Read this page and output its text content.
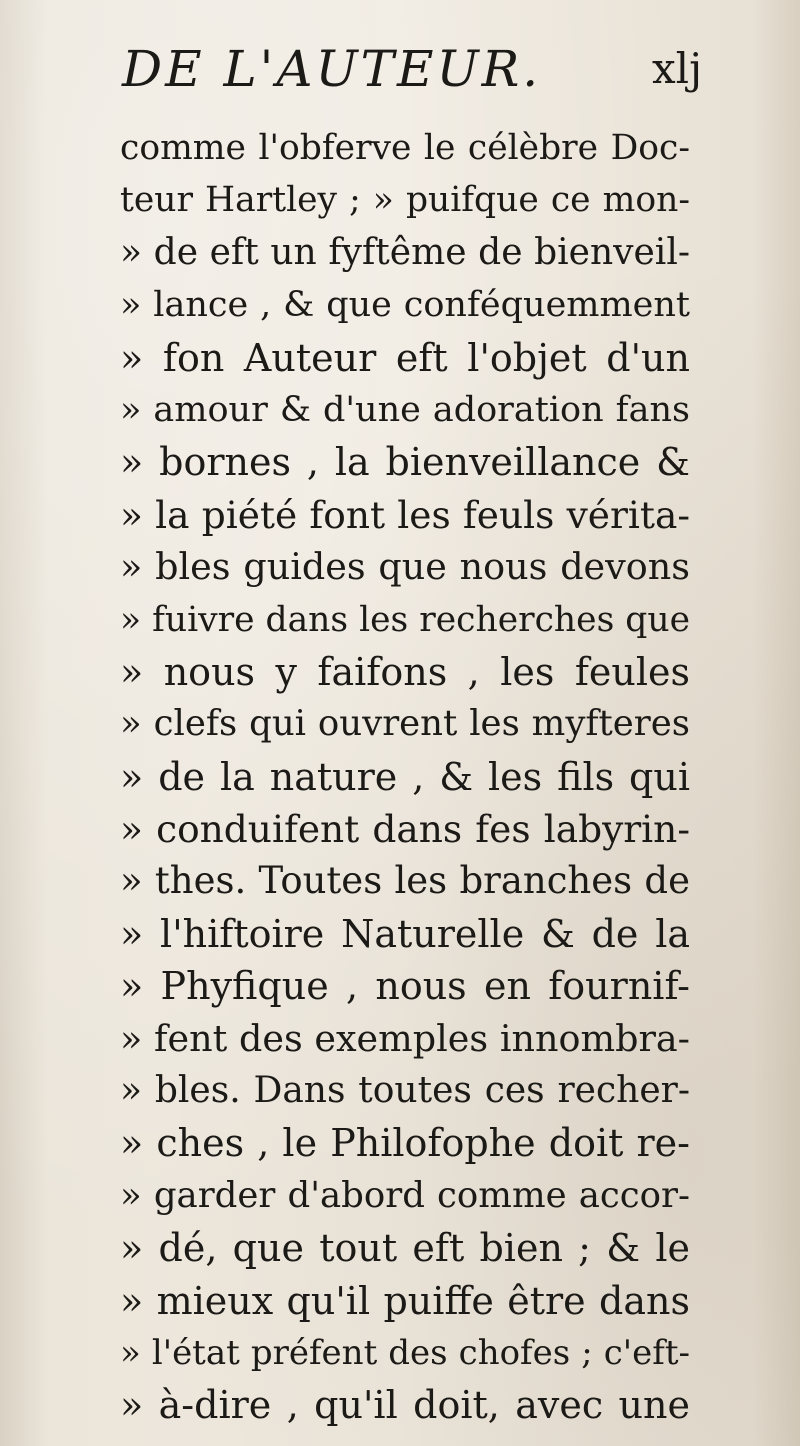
DE L'AUTEUR.	xlj
comme l'obferve le célèbre Doc-
teur Hartley ; » puifque ce mon-
» de eft un fyftême de bienveil-
» lance , & que conféquemment
» fon Auteur eft l'objet d'un
» amour & d'une adoration fans
» bornes , la bienveillance &
» la piété font les feuls vérita-
» bles guides que nous devons
» fuivre dans les recherches que
» nous y faifons , les feules
» clefs qui ouvrent les myfteres
» de la nature , & les fils qui
» conduifent dans fes labyrin-
» thes. Toutes les branches de
» l'hiftoire Naturelle & de la
» Phyfique , nous en fournif-
» fent des exemples innombra-
» bles. Dans toutes ces recher-
» ches , le Philofophe doit re-
» garder d'abord comme accor-
» dé, que tout eft bien ; & le
» mieux qu'il puiffe être dans
» l'état préfent des chofes ; c'eft-
» à-dire , qu'il doit, avec une
